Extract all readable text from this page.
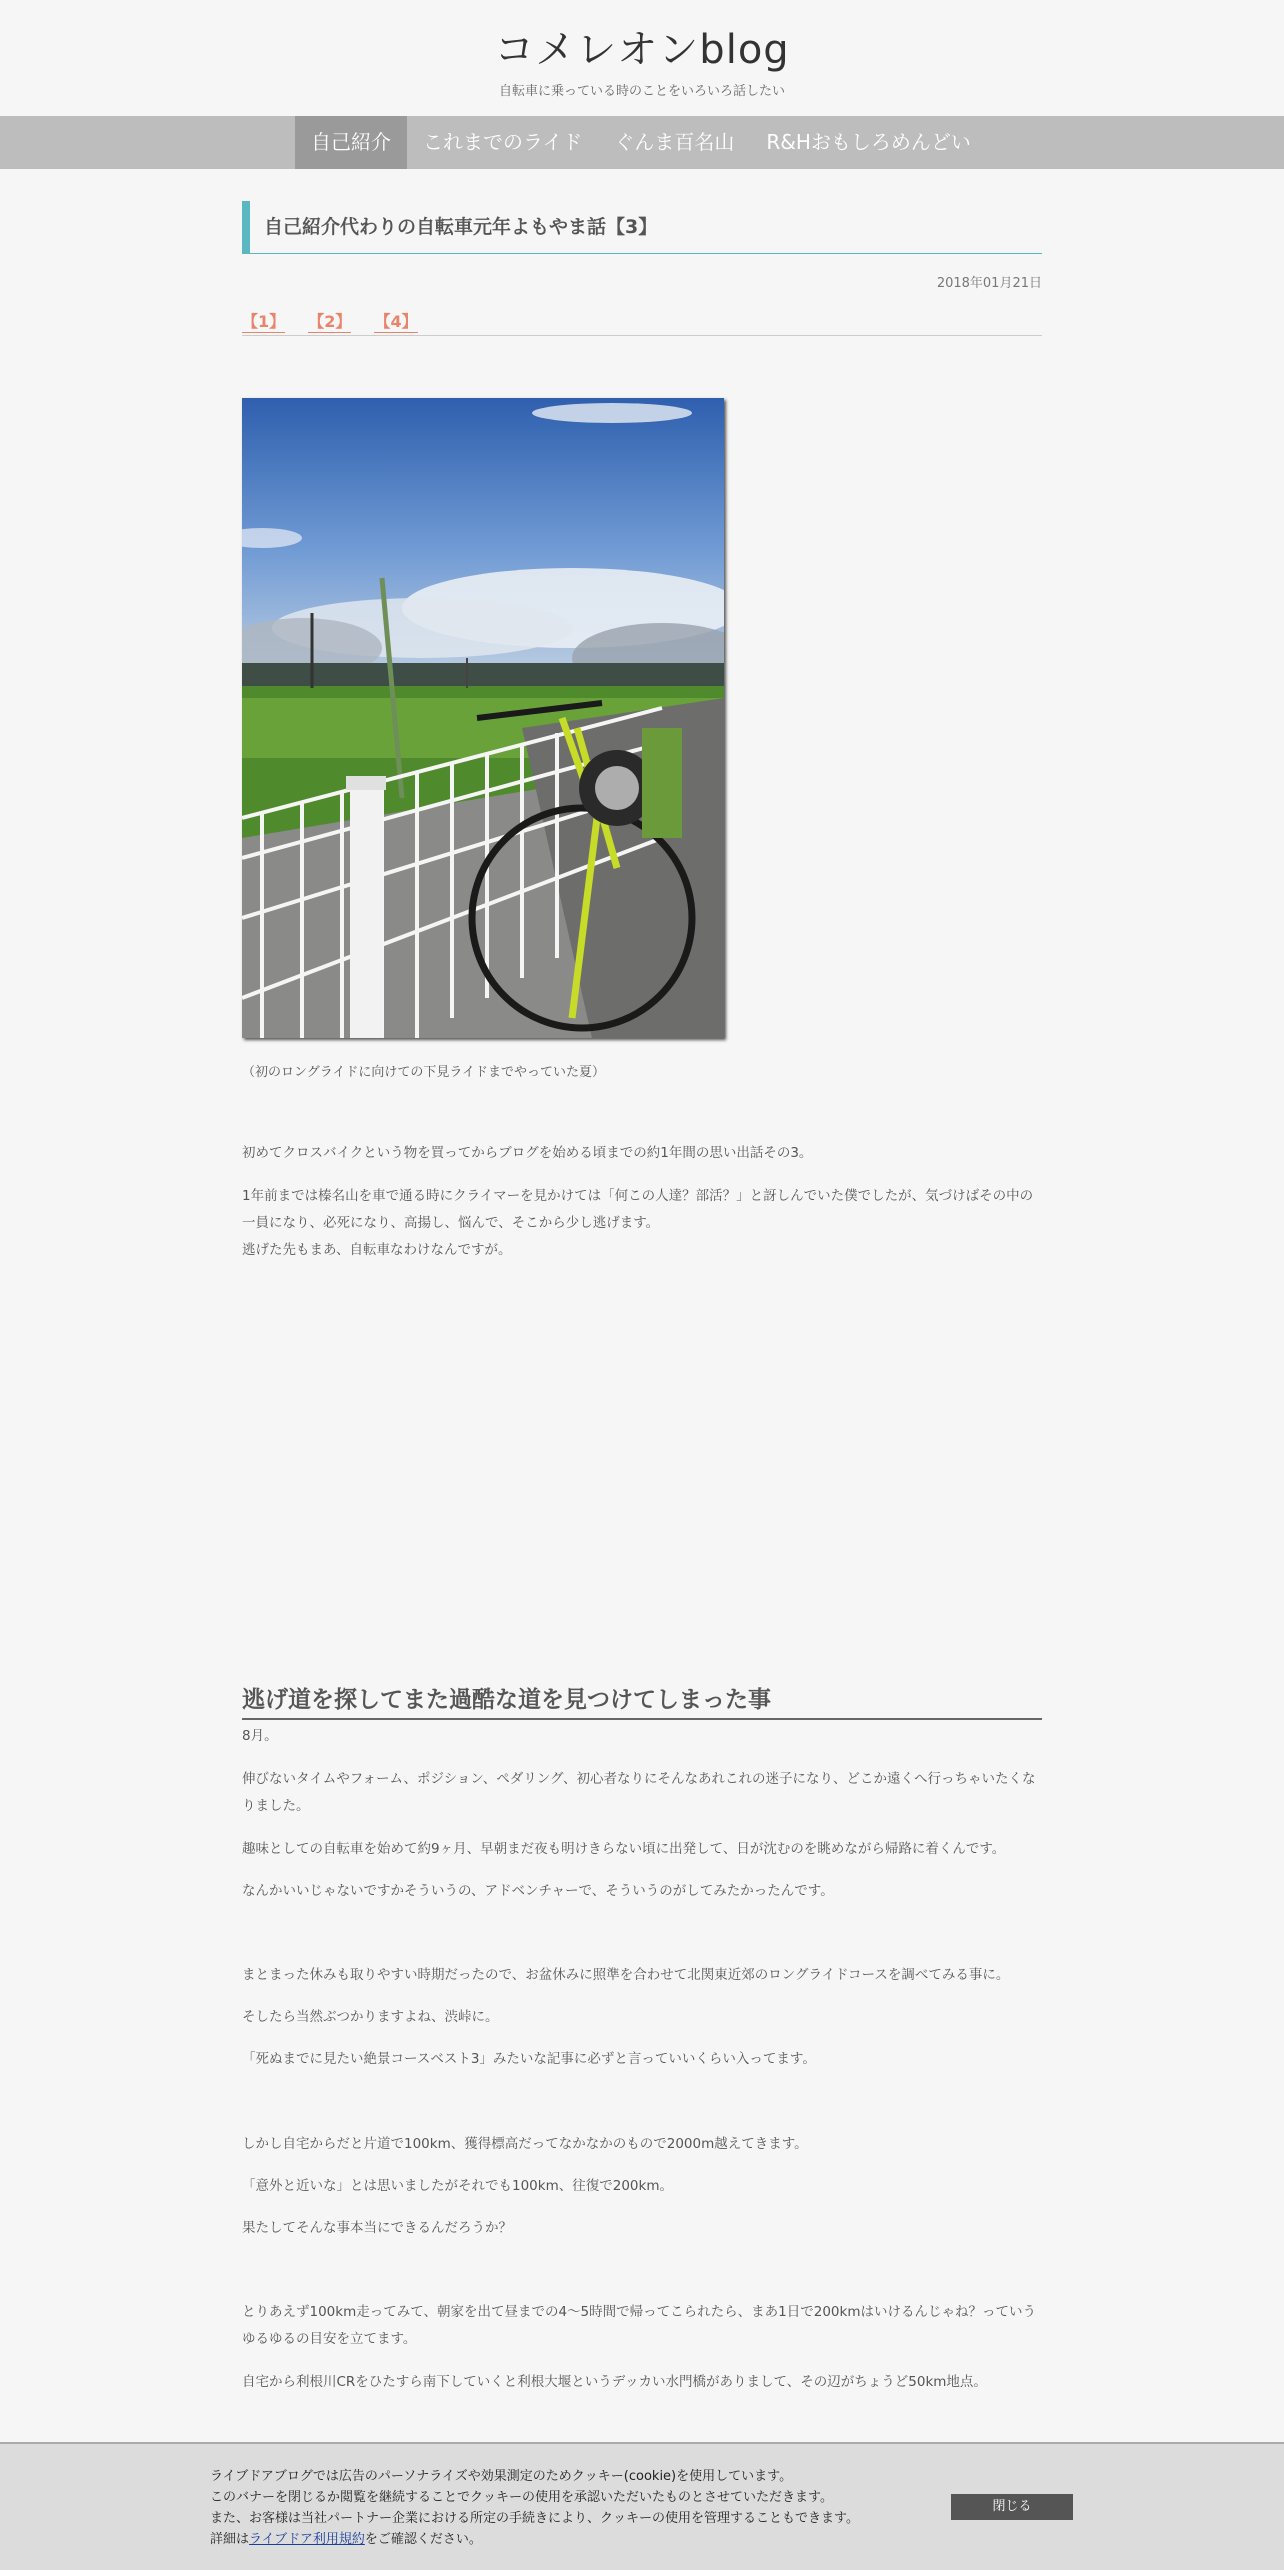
コメレオンblog
自転車に乗っている時のことをいろいろ話したい
自己紹介	これまでのライド	ぐんま百名山	R&Hおもしろめんどい
自己紹介代わりの自転車元年よもやま話【3】
2018年01月21日
【1】 【2】 【4】
（初のロングライドに向けての下見ライドまでやっていた夏）

初めてクロスバイクという物を買ってからブログを始める頃までの約1年間の思い出話その3。

1年前までは榛名山を車で通る時にクライマーを見かけては「何この人達？部活？」と訝しんでいた僕でしたが、気づけばその中の一員になり、必死になり、高揚し、悩んで、そこから少し逃げます。
逃げた先もまあ、自転車なわけなんですが。

逃げ道を探してまた過酷な道を見つけてしまった事

8月。

伸びないタイムやフォーム、ポジション、ペダリング、初心者なりにそんなあれこれの迷子になり、どこか遠くへ行っちゃいたくなりました。

趣味としての自転車を始めて約9ヶ月、早朝まだ夜も明けきらない頃に出発して、日が沈むのを眺めながら帰路に着くんです。

なんかいいじゃないですかそういうの、アドベンチャーで、そういうのがしてみたかったんです。

まとまった休みも取りやすい時期だったので、お盆休みに照準を合わせて北関東近郊のロングライドコースを調べてみる事に。

そしたら当然ぶつかりますよね、渋峠に。

「死ぬまでに見たい絶景コースベスト3」みたいな記事に必ずと言っていいくらい入ってます。

しかし自宅からだと片道で100km、獲得標高だってなかなかのもので2000m越えてきます。

「意外と近いな」とは思いましたがそれでも100km、往復で200km。

果たしてそんな事本当にできるんだろうか？

とりあえず100km走ってみて、朝家を出て昼までの4〜5時間で帰ってこられたら、まあ1日で200kmはいけるんじゃね？っていうゆるゆるの目安を立てます。

自宅から利根川CRをひたすら南下していくと利根大堰というデッカい水門橋がありまして、その辺がちょうど50km地点。

ライブドアブログでは広告のパーソナライズや効果測定のためクッキー(cookie)を使用しています。
このバナーを閉じるか閲覧を継続することでクッキーの使用を承認いただいたものとさせていただきます。
また、お客様は当社パートナー企業における所定の手続きにより、クッキーの使用を管理することもできます。
詳細はライブドア利用規約をご確認ください。
閉じる
